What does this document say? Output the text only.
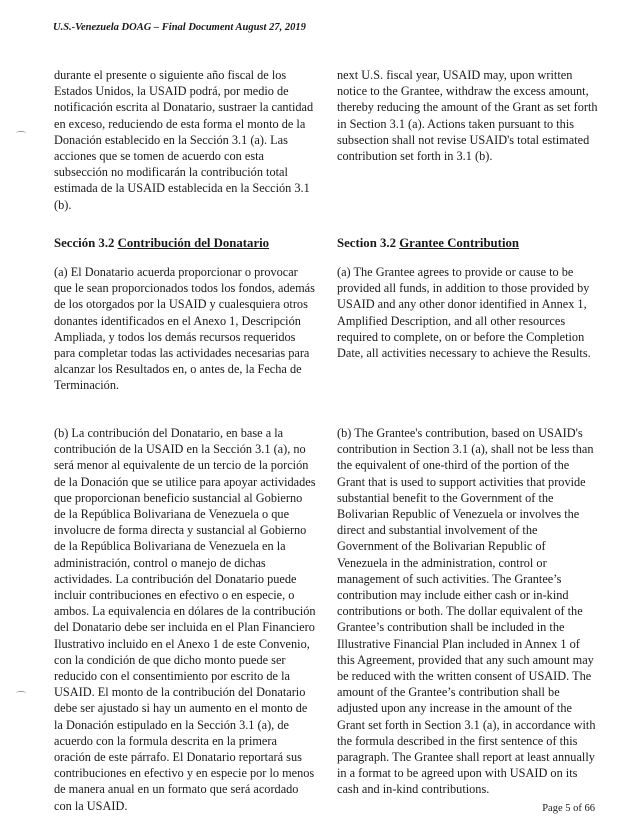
U.S.-Venezuela DOAG – Final Document August 27, 2019
⌒
⌒

durante el presente o siguiente año fiscal de los Estados Unidos, la USAID podrá, por medio de notificación escrita al Donatario, sustraer la cantidad en exceso, reduciendo de esta forma el monto de la Donación establecido en la Sección 3.1 (a). Las acciones que se tomen de acuerdo con esta subsección no modificarán la contribución total estimada de la USAID establecida en la Sección 3.1 (b).

Sección 3.2 Contribución del Donatario

(a) El Donatario acuerda proporcionar o provocar que le sean proporcionados todos los fondos, además de los otorgados por la USAID y cualesquiera otros donantes identificados en el Anexo 1, Descripción Ampliada, y todos los demás recursos requeridos para completar todas las actividades necesarias para alcanzar los Resultados en, o antes de, la Fecha de Terminación.

(b) La contribución del Donatario, en base a la contribución de la USAID en la Sección 3.1 (a), no será menor al equivalente de un tercio de la porción de la Donación que se utilice para apoyar actividades que proporcionan beneficio sustancial al Gobierno de la República Bolivariana de Venezuela o que involucre de forma directa y sustancial al Gobierno de la República Bolivariana de Venezuela en la administración, control o manejo de dichas actividades. La contribución del Donatario puede incluir contribuciones en efectivo o en especie, o ambos. La equivalencia en dólares de la contribución del Donatario debe ser incluida en el Plan Financiero Ilustrativo incluido en el Anexo 1 de este Convenio, con la condición de que dicho monto puede ser reducido con el consentimiento por escrito de la USAID. El monto de la contribución del Donatario debe ser ajustado si hay un aumento en el monto de la Donación estipulado en la Sección 3.1 (a), de acuerdo con la formula descrita en la primera oración de este párrafo. El Donatario reportará sus contribuciones en efectivo y en especie por lo menos de manera anual en un formato que será acordado con la USAID.

next U.S. fiscal year, USAID may, upon written notice to the Grantee, withdraw the excess amount, thereby reducing the amount of the Grant as set forth in Section 3.1 (a). Actions taken pursuant to this subsection shall not revise USAID's total estimated contribution set forth in 3.1 (b).

Section 3.2 Grantee Contribution

(a) The Grantee agrees to provide or cause to be provided all funds, in addition to those provided by USAID and any other donor identified in Annex 1, Amplified Description, and all other resources required to complete, on or before the Completion Date, all activities necessary to achieve the Results.

(b) The Grantee's contribution, based on USAID's contribution in Section 3.1 (a), shall not be less than the equivalent of one-third of the portion of the Grant that is used to support activities that provide substantial benefit to the Government of the Bolivarian Republic of Venezuela or involves the direct and substantial involvement of the Government of the Bolivarian Republic of Venezuela in the administration, control or management of such activities. The Grantee’s contribution may include either cash or in-kind contributions or both. The dollar equivalent of the Grantee’s contribution shall be included in the Illustrative Financial Plan included in Annex 1 of this Agreement, provided that any such amount may be reduced with the written consent of USAID. The amount of the Grantee’s contribution shall be adjusted upon any increase in the amount of the Grant set forth in Section 3.1 (a), in accordance with the formula described in the first sentence of this paragraph. The Grantee shall report at least annually in a format to be agreed upon with USAID on its cash and in-kind contributions.

Page 5 of 66
